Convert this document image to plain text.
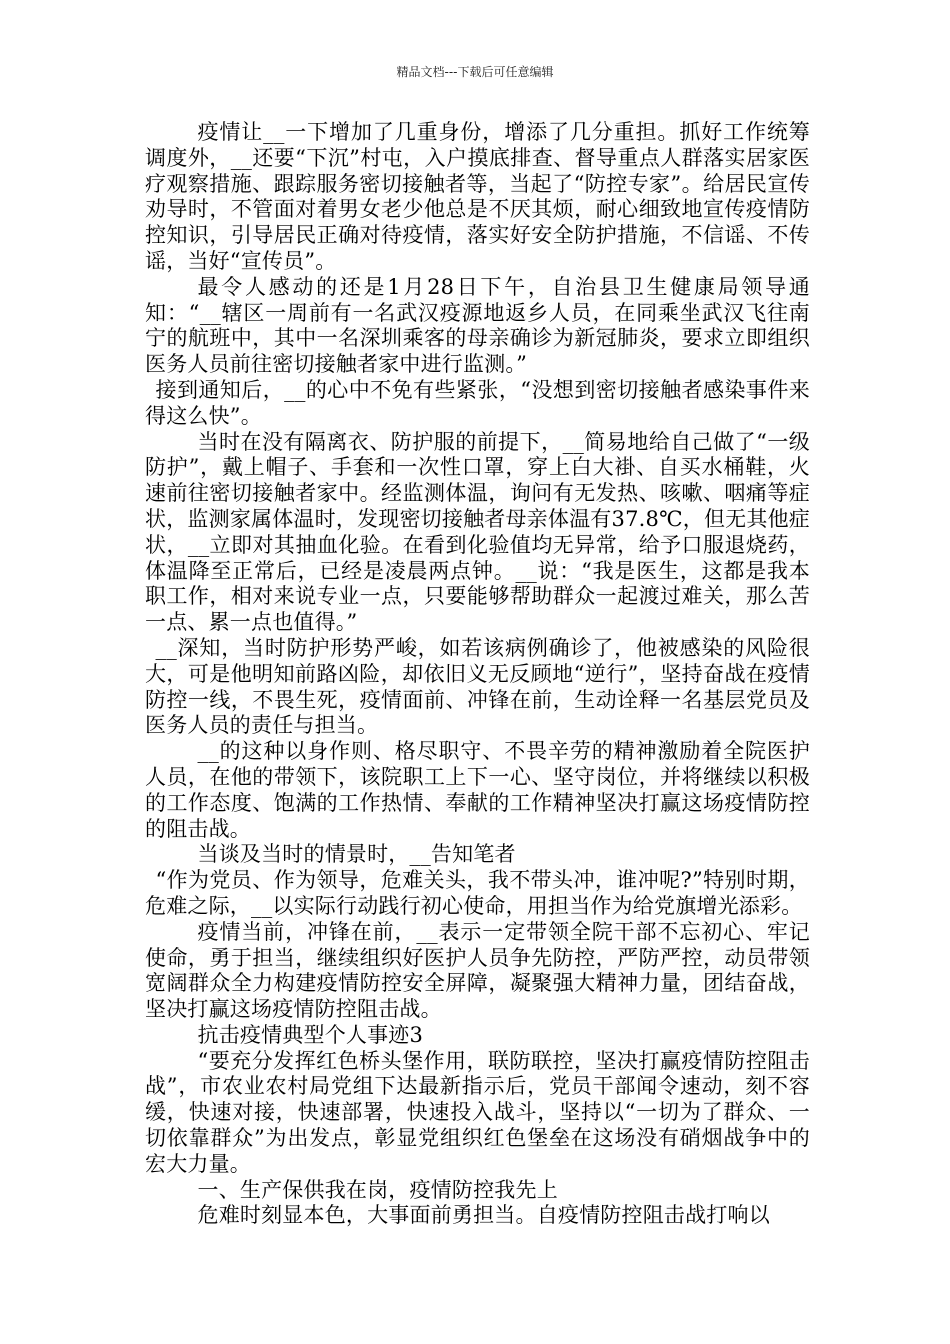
精品文档---下载后可任意编辑

疫情让__一下增加了几重身份，增添了几分重担。抓好工作统筹调度外，__还要“下沉”村屯，入户摸底排查、督导重点人群落实居家医疗观察措施、跟踪服务密切接触者等，当起了“防控专家”。给居民宣传劝导时，不管面对着男女老少他总是不厌其烦，耐心细致地宣传疫情防控知识，引导居民正确对待疫情，落实好安全防护措施，不信谣、不传谣，当好“宣传员”。

最令人感动的还是1月28日下午，自治县卫生健康局领导通知：“__辖区一周前有一名武汉疫源地返乡人员，在同乘坐武汉飞往南宁的航班中，其中一名深圳乘客的母亲确诊为新冠肺炎，要求立即组织医务人员前往密切接触者家中进行监测。”

接到通知后，__的心中不免有些紧张，“没想到密切接触者感染事件来得这么快”。

当时在没有隔离衣、防护服的前提下，__简易地给自己做了“一级防护”，戴上帽子、手套和一次性口罩，穿上白大褂、自买水桶鞋，火速前往密切接触者家中。经监测体温，询问有无发热、咳嗽、咽痛等症状，监测家属体温时，发现密切接触者母亲体温有37.8℃，但无其他症状，__立即对其抽血化验。在看到化验值均无异常，给予口服退烧药，体温降至正常后，已经是凌晨两点钟。__说：“我是医生，这都是我本职工作，相对来说专业一点，只要能够帮助群众一起渡过难关，那么苦一点、累一点也值得。”

__深知，当时防护形势严峻，如若该病例确诊了，他被感染的风险很大，可是他明知前路凶险，却依旧义无反顾地“逆行”，坚持奋战在疫情防控一线，不畏生死，疫情面前、冲锋在前，生动诠释一名基层党员及医务人员的责任与担当。

__的这种以身作则、格尽职守、不畏辛劳的精神激励着全院医护人员，在他的带领下，该院职工上下一心、坚守岗位，并将继续以积极的工作态度、饱满的工作热情、奉献的工作精神坚决打赢这场疫情防控的阻击战。

当谈及当时的情景时，__告知笔者

“作为党员、作为领导，危难关头，我不带头冲，谁冲呢?”特别时期，危难之际，__以实际行动践行初心使命，用担当作为给党旗增光添彩。

疫情当前，冲锋在前，__表示一定带领全院干部不忘初心、牢记使命，勇于担当，继续组织好医护人员争先防控，严防严控，动员带领宽阔群众全力构建疫情防控安全屏障，凝聚强大精神力量，团结奋战，坚决打赢这场疫情防控阻击战。

抗击疫情典型个人事迹3

“要充分发挥红色桥头堡作用，联防联控，坚决打赢疫情防控阻击战”，市农业农村局党组下达最新指示后，党员干部闻令速动，刻不容缓，快速对接，快速部署，快速投入战斗，坚持以“一切为了群众、一切依靠群众”为出发点，彰显党组织红色堡垒在这场没有硝烟战争中的宏大力量。

一、生产保供我在岗，疫情防控我先上

危难时刻显本色，大事面前勇担当。自疫情防控阻击战打响以
